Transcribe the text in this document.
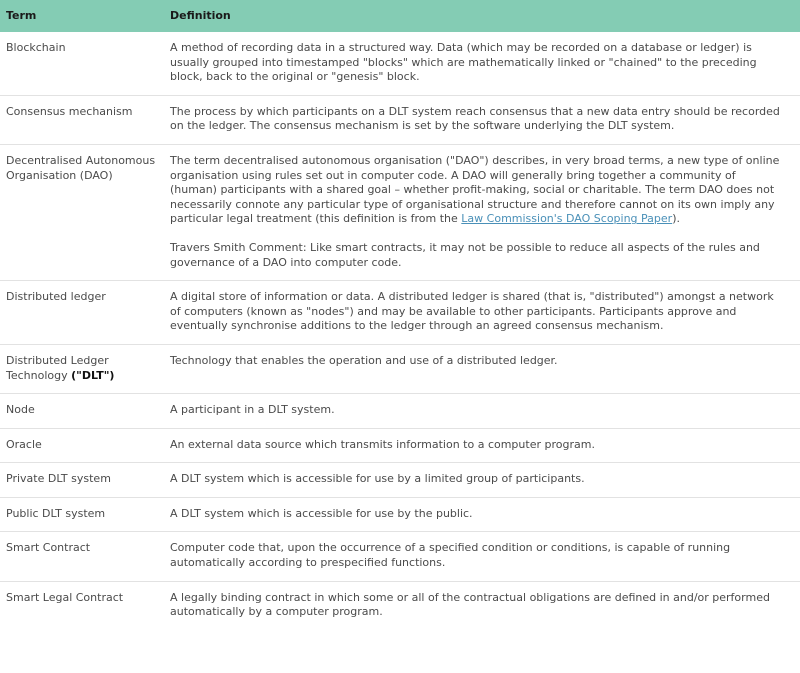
Term	Definition
Blockchain	A method of recording data in a structured way. Data (which may be recorded on a database or ledger) is usually grouped into timestamped "blocks" which are mathematically linked or "chained" to the preceding block, back to the original or "genesis" block.

Consensus mechanism	The process by which participants on a DLT system reach consensus that a new data entry should be recorded on the ledger. The consensus mechanism is set by the software underlying the DLT system.

Decentralised Autonomous Organisation (DAO)	The term decentralised autonomous organisation ("DAO") describes, in very broad terms, a new type of online organisation using rules set out in computer code. A DAO will generally bring together a community of (human) participants with a shared goal – whether profit-making, social or charitable. The term DAO does not necessarily connote any particular type of organisational structure and therefore cannot on its own imply any particular legal treatment (this definition is from the Law Commission's DAO Scoping Paper).

Travers Smith Comment: Like smart contracts, it may not be possible to reduce all aspects of the rules and governance of a DAO into computer code.

Distributed ledger	A digital store of information or data. A distributed ledger is shared (that is, "distributed") amongst a network of computers (known as "nodes") and may be available to other participants. Participants approve and eventually synchronise additions to the ledger through an agreed consensus mechanism.

Distributed Ledger Technology ("DLT")	Technology that enables the operation and use of a distributed ledger.

Node	A participant in a DLT system.

Oracle	An external data source which transmits information to a computer program.

Private DLT system	A DLT system which is accessible for use by a limited group of participants.

Public DLT system	A DLT system which is accessible for use by the public.

Smart Contract	Computer code that, upon the occurrence of a specified condition or conditions, is capable of running automatically according to prespecified functions.

Smart Legal Contract	A legally binding contract in which some or all of the contractual obligations are defined in and/or performed automatically by a computer program.
